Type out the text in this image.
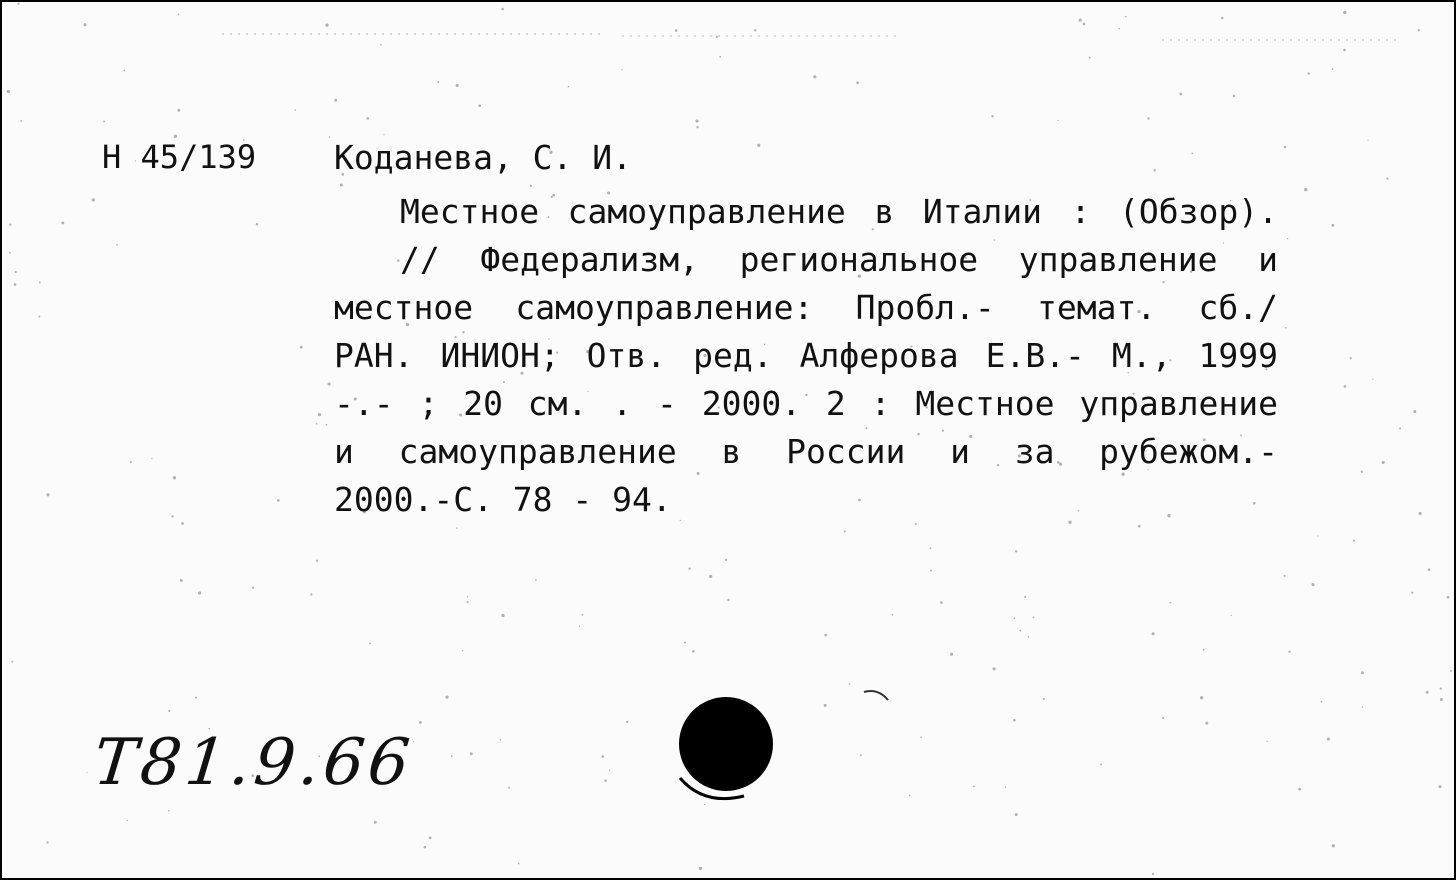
Н 45/139 Коданева, С. И.
Местное самоуправление в Италии : (Обзор).
// Федерализм, региональное управление и
местное самоуправление: Пробл.- темат. сб./
РАН. ИНИОН; Отв. ред. Алферова Е.В.- М., 1999
-.- ; 20 см. . - 2000. 2 : Местное управление
и самоуправление в России и за рубежом.-
2000.-С. 78 - 94.
Т81.9.66
